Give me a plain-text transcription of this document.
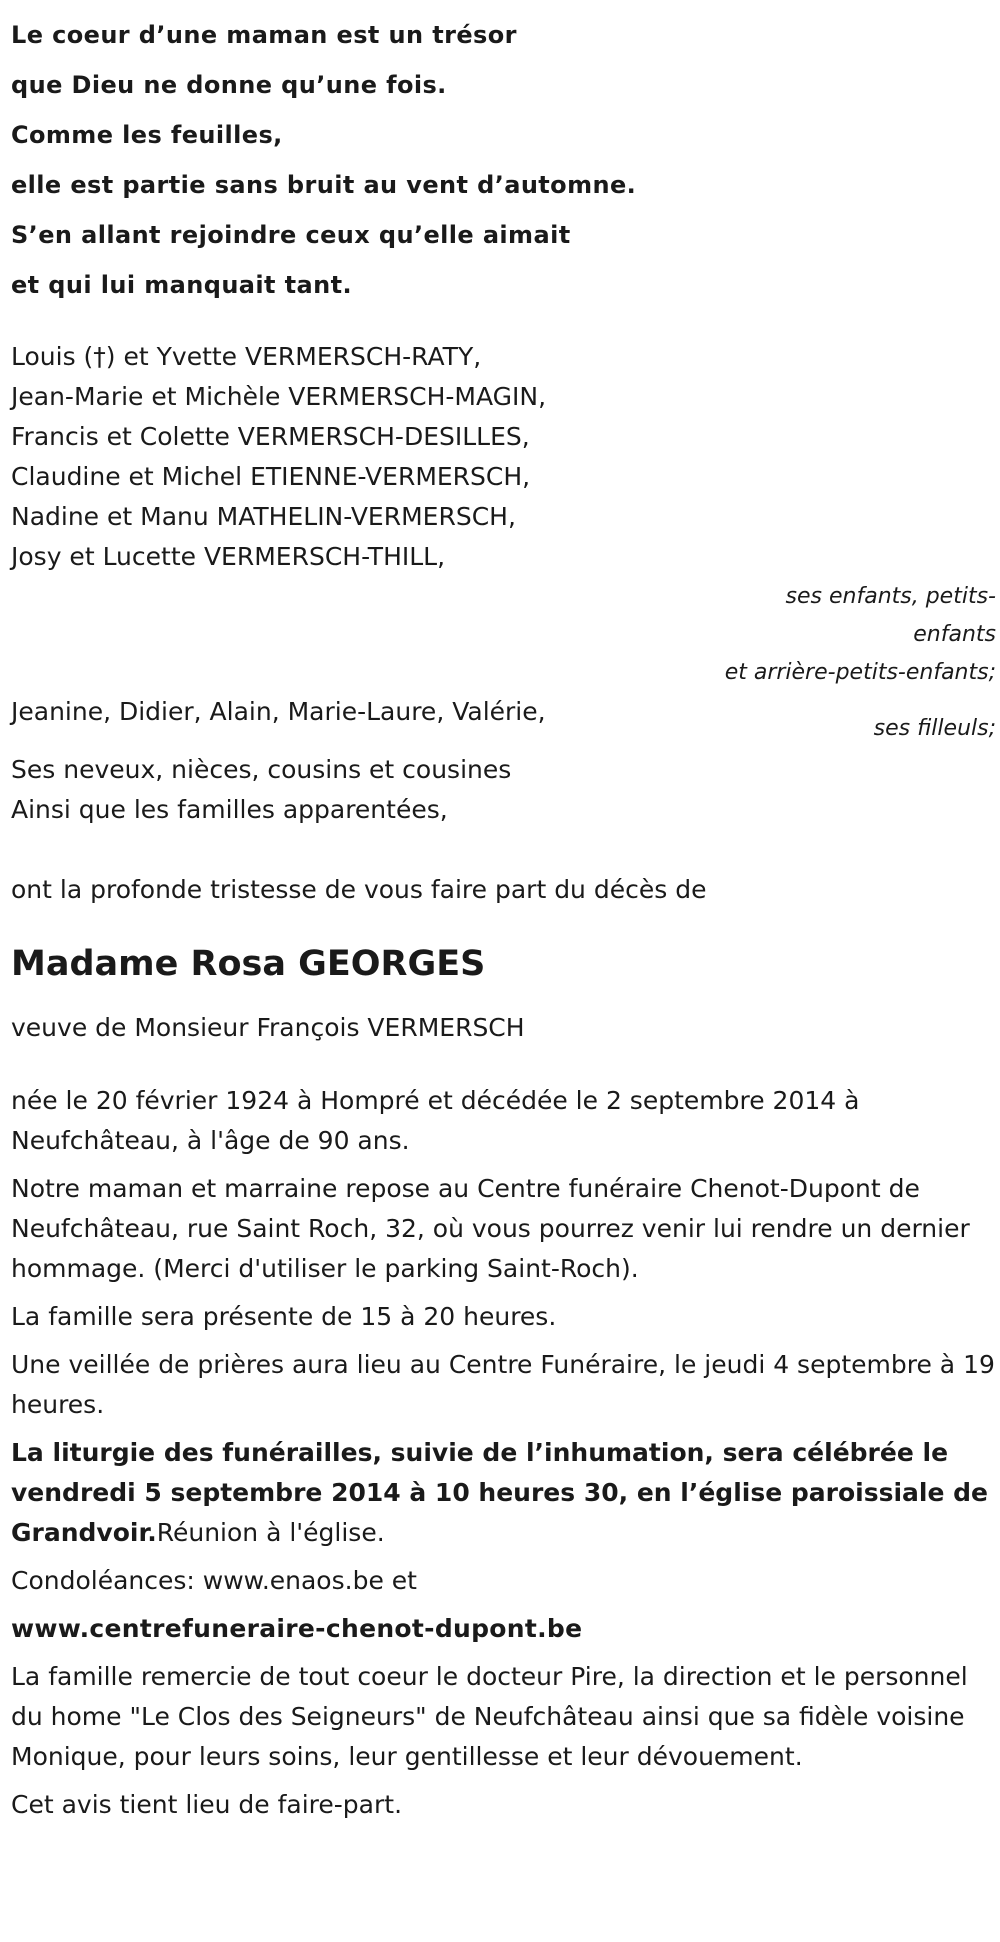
Le coeur d’une maman est un trésor
que Dieu ne donne qu’une fois.
Comme les feuilles,
elle est partie sans bruit au vent d’automne.
S’en allant rejoindre ceux qu’elle aimait
et qui lui manquait tant.
Louis (†) et Yvette VERMERSCH-RATY,
Jean-Marie et Michèle VERMERSCH-MAGIN,
Francis et Colette VERMERSCH-DESILLES,
Claudine et Michel ETIENNE-VERMERSCH,
Nadine et Manu MATHELIN-VERMERSCH,
Josy et Lucette VERMERSCH-THILL,
ses enfants, petits-enfants
et arrière-petits-enfants;
Jeanine, Didier, Alain, Marie-Laure, Valérie,
ses filleuls;
Ses neveux, nièces, cousins et cousines
Ainsi que les familles apparentées,
ont la profonde tristesse de vous faire part du décès de
Madame Rosa GEORGES
veuve de Monsieur François VERMERSCH

née le 20 février 1924 à Hompré et décédée le 2 septembre 2014 à Neufchâteau, à l'âge de 90 ans.

Notre maman et marraine repose au Centre funéraire Chenot-Dupont de Neufchâteau, rue Saint Roch, 32, où vous pourrez venir lui rendre un dernier hommage. (Merci d'utiliser le parking Saint-Roch).

La famille sera présente de 15 à 20 heures.

Une veillée de prières aura lieu au Centre Funéraire, le jeudi 4 septembre à 19 heures.

La liturgie des funérailles, suivie de l’inhumation, sera célébrée le vendredi 5 septembre 2014 à 10 heures 30, en l’église paroissiale de Grandvoir.Réunion à l'église.

Condoléances: www.enaos.be et

www.centrefuneraire-chenot-dupont.be

La famille remercie de tout coeur le docteur Pire, la direction et le personnel du home "Le Clos des Seigneurs" de Neufchâteau ainsi que sa fidèle voisine Monique, pour leurs soins, leur gentillesse et leur dévouement.

Cet avis tient lieu de faire-part.
